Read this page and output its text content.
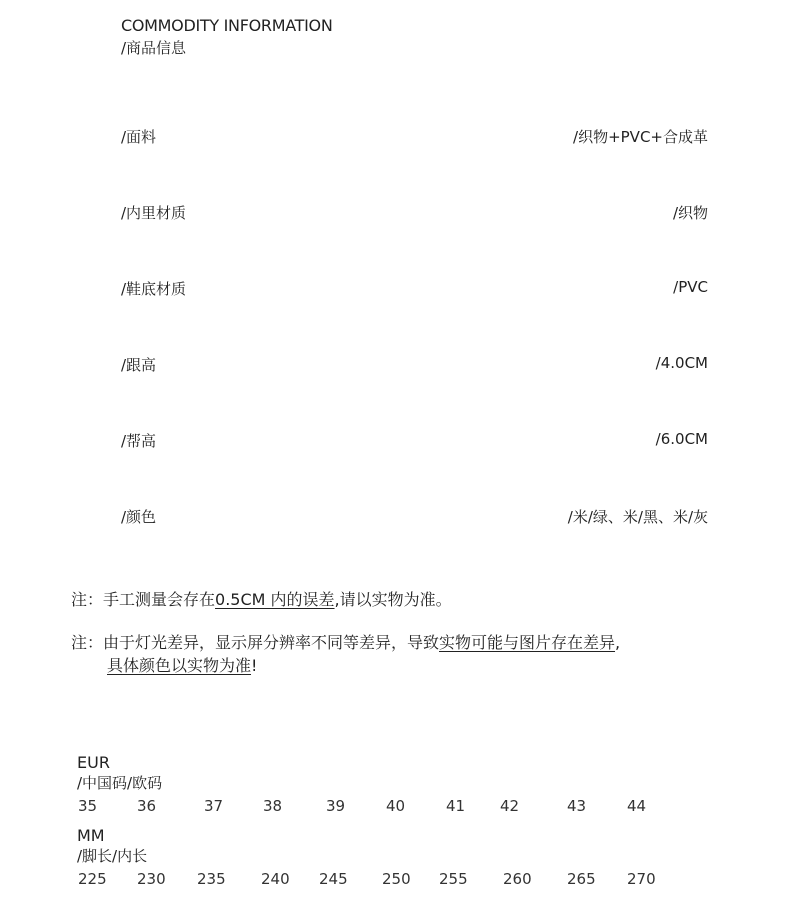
COMMODITY INFORMATION
/商品信息
/面料	/织物+PVC+合成革
/内里材质	/织物
/鞋底材质	/PVC
/跟高	/4.0CM
/帮高	/6.0CM
/颜色	/米/绿、米/黑、米/灰
注：手工测量会存在0.5CM 内的误差,请以实物为准。
注：由于灯光差异，显示屏分辨率不同等差异，导致实物可能与图片存在差异,
具体颜色以实物为准!
EUR
/中国码/欧码
35	36	37	38	39	40	41 42	43	44
MM
/脚长/内长
225 230 235 240 245 250 255 260 265 270
